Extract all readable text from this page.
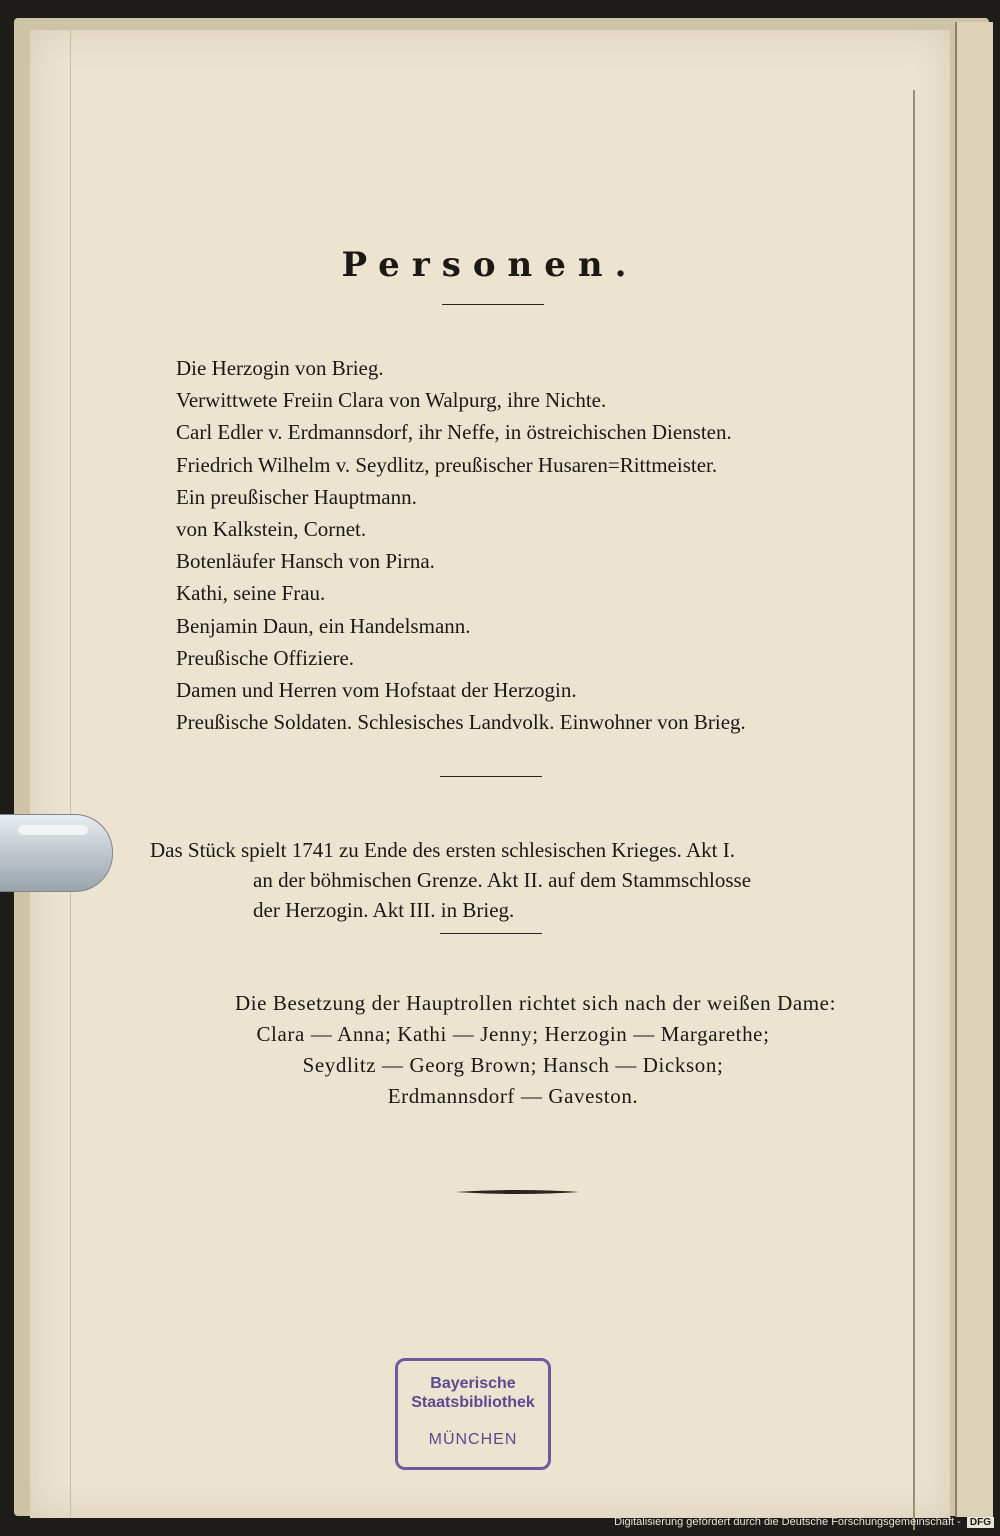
Personen.
Die Herzogin von Brieg.
Verwittwete Freiin Clara von Walpurg, ihre Nichte.
Carl Edler v. Erdmannsdorf, ihr Neffe, in östreichischen Diensten.
Friedrich Wilhelm v. Seydlitz, preußischer Husaren=Rittmeister.
Ein preußischer Hauptmann.
von Kalkstein, Cornet.
Botenläufer Hansch von Pirna.
Kathi, seine Frau.
Benjamin Daun, ein Handelsmann.
Preußische Offiziere.
Damen und Herren vom Hofstaat der Herzogin.
Preußische Soldaten. Schlesisches Landvolk. Einwohner von Brieg.
Das Stück spielt 1741 zu Ende des ersten schlesischen Krieges. Akt I.
an der böhmischen Grenze. Akt II. auf dem Stammschlosse
der Herzogin. Akt III. in Brieg.
Die Besetzung der Hauptrollen richtet sich nach der weißen Dame:
Clara — Anna; Kathi — Jenny; Herzogin — Margarethe;
Seydlitz — Georg Brown; Hansch — Dickson;
Erdmannsdorf — Gaveston.
Bayerische
Staatsbibliothek
MÜNCHEN
Digitalisierung gefördert durch die Deutsche Forschungsgemeinschaft - DFG
